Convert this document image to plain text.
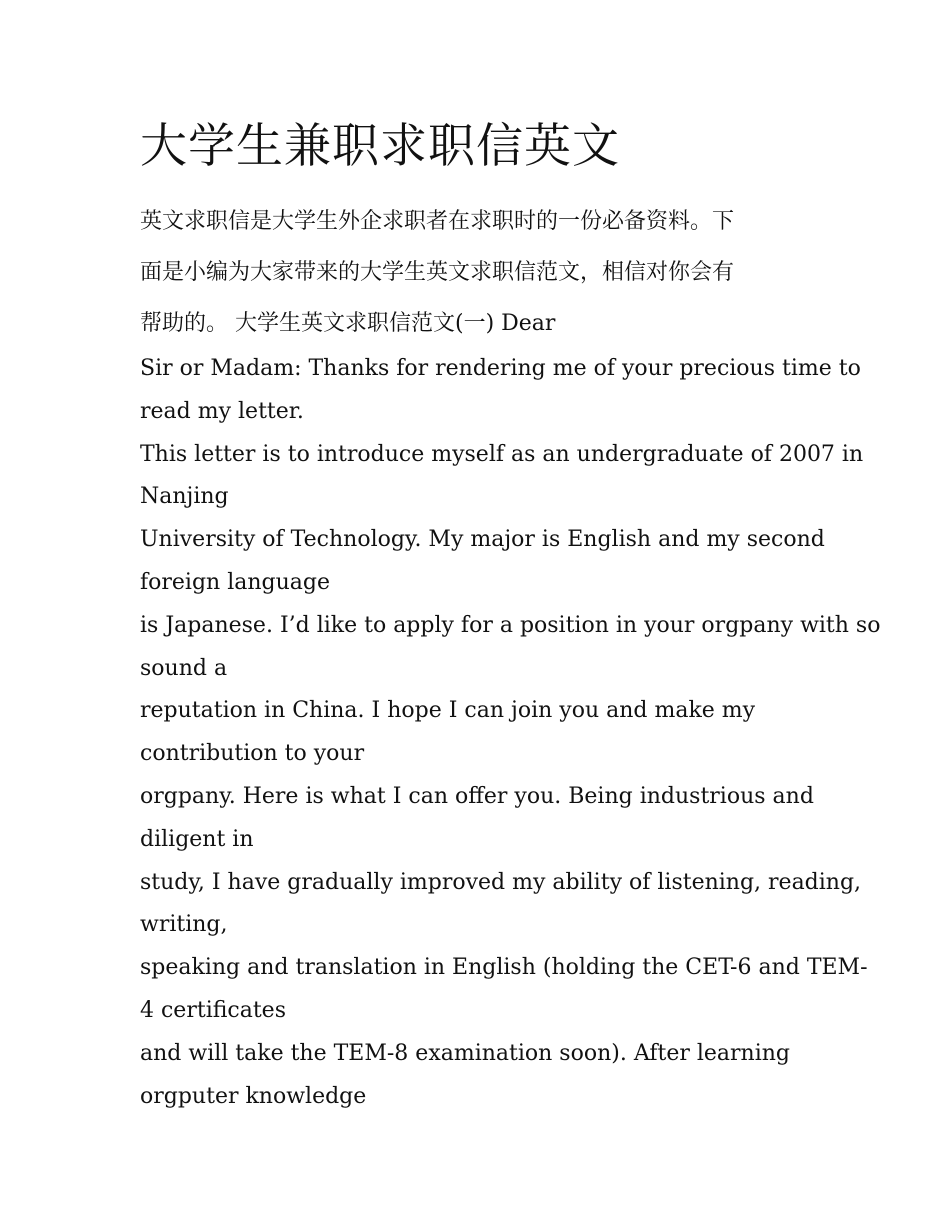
大学生兼职求职信英文
英文求职信是大学生外企求职者在求职时的一份必备资料。下
面是小编为大家带来的大学生英文求职信范文，相信对你会有
帮助的。 大学生英文求职信范文(一) Dear
Sir or Madam: Thanks for rendering me of your precious time to
read my letter.
This letter is to introduce myself as an undergraduate of 2007 in
Nanjing
University of Technology. My major is English and my second
foreign language
is Japanese. I’d like to apply for a position in your orgpany with so
sound a
reputation in China. I hope I can join you and make my
contribution to your
orgpany. Here is what I can offer you. Being industrious and
diligent in
study, I have gradually improved my ability of listening, reading,
writing,
speaking and translation in English (holding the CET-6 and TEM-
4 certificates
and will take the TEM-8 examination soon). After learning
orgputer knowledge
